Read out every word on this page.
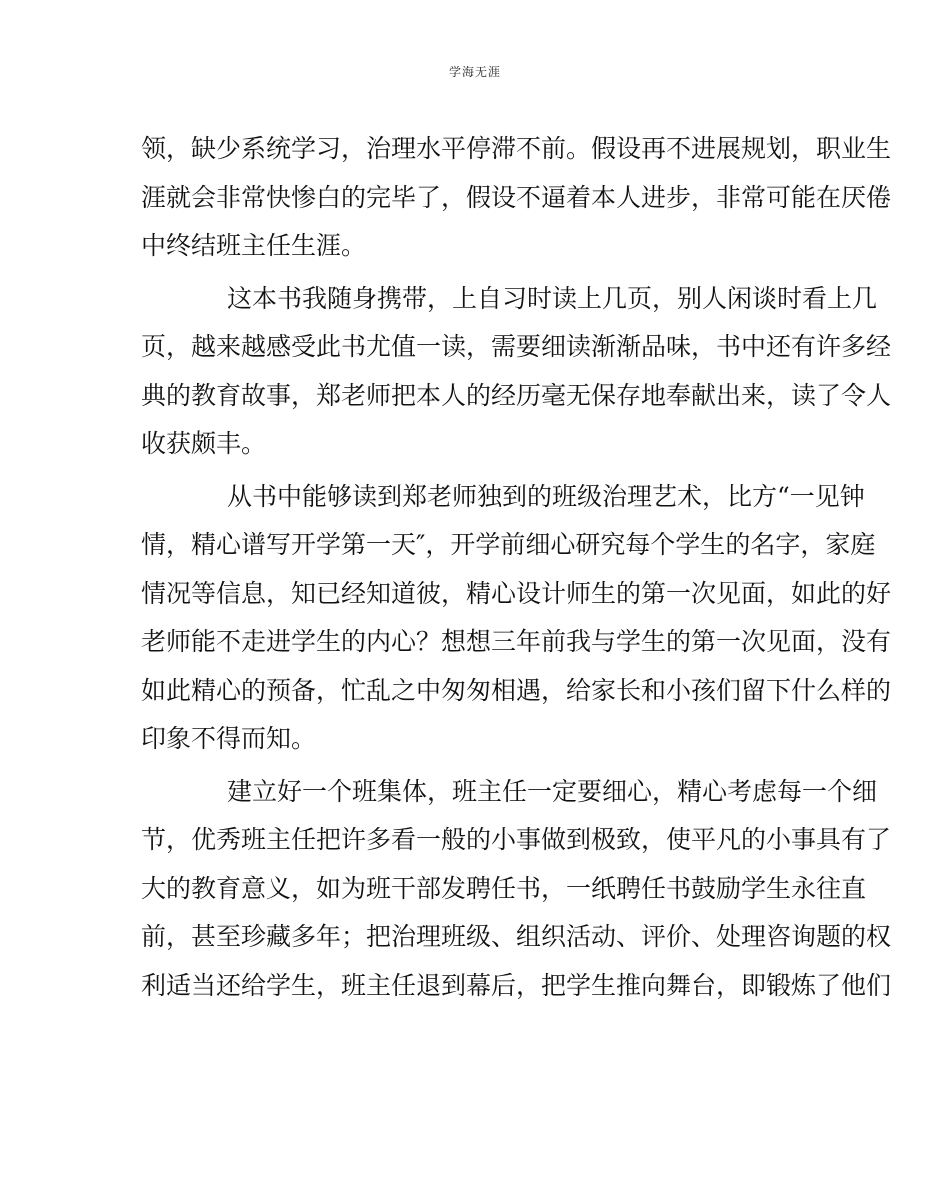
学海无涯
领，缺少系统学习，治理水平停滞不前。假设再不进展规划，职业生
涯就会非常快惨白的完毕了，假设不逼着本人进步，非常可能在厌倦
中终结班主任生涯。
这本书我随身携带，上自习时读上几页，别人闲谈时看上几
页，越来越感受此书尤值一读，需要细读渐渐品味，书中还有许多经
典的教育故事，郑老师把本人的经历毫无保存地奉献出来，读了令人
收获颇丰。
从书中能够读到郑老师独到的班级治理艺术，比方“一见钟
情，精心谱写开学第一天″，开学前细心研究每个学生的名字，家庭
情况等信息，知已经知道彼，精心设计师生的第一次见面，如此的好
老师能不走进学生的内心？想想三年前我与学生的第一次见面，没有
如此精心的预备，忙乱之中匆匆相遇，给家长和小孩们留下什么样的
印象不得而知。
建立好一个班集体，班主任一定要细心，精心考虑每一个细
节，优秀班主任把许多看一般的小事做到极致，使平凡的小事具有了
大的教育意义，如为班干部发聘任书，一纸聘任书鼓励学生永往直
前，甚至珍藏多年；把治理班级、组织活动、评价、处理咨询题的权
利适当还给学生，班主任退到幕后，把学生推向舞台，即锻炼了他们
